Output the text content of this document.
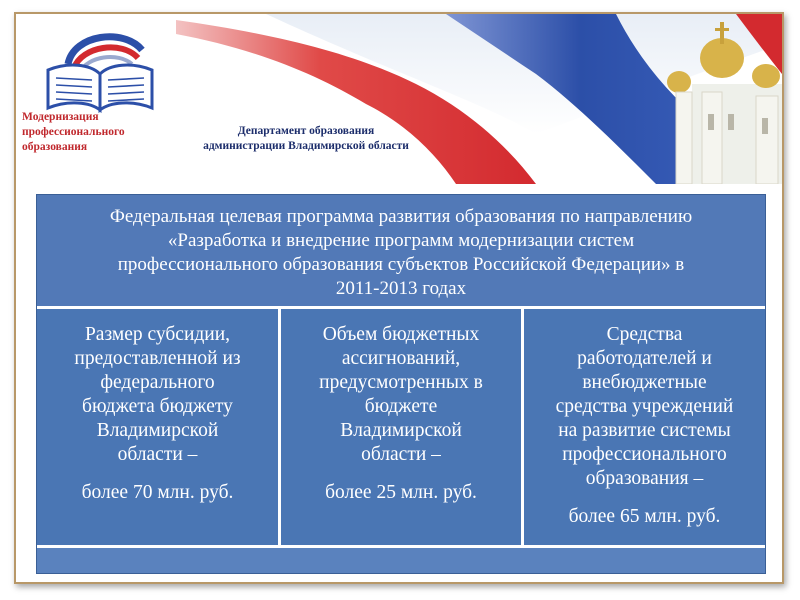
Модернизация
профессионального
образования
Департамент образования
администрации Владимирской области
Федеральная целевая программа развития образования по направлению
«Разработка и внедрение программ модернизации систем
профессионального образования субъектов Российской Федерации» в
2011-2013 годах
Размер субсидии,
предоставленной из
федерального
бюджета бюджету
Владимирской
области –
более 70 млн. руб.
Объем бюджетных
ассигнований,
предусмотренных в
бюджете
Владимирской
области –
более 25 млн. руб.
Средства
работодателей и
внебюджетные
средства учреждений
на развитие системы
профессионального
образования –
более 65 млн. руб.
